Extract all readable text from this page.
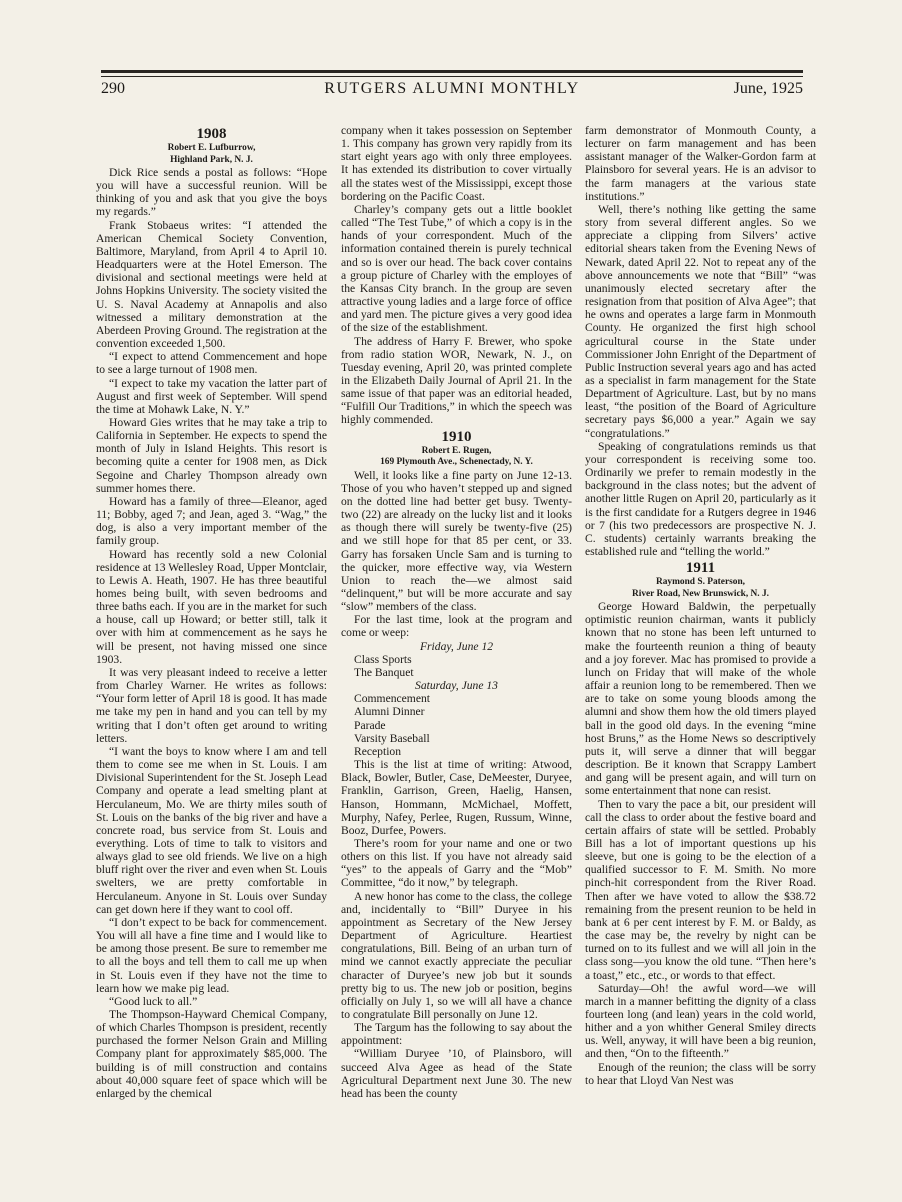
290	RUTGERS ALUMNI MONTHLY	June, 1925
1908
Robert E. Lufburrow,
Highland Park, N. J.

Dick Rice sends a postal as follows: “Hope you will have a successful reunion. Will be thinking of you and ask that you give the boys my regards.”

Frank Stobaeus writes: “I attended the American Chemical Society Convention, Baltimore, Maryland, from April 4 to April 10. Headquarters were at the Hotel Emerson. The divisional and sectional meetings were held at Johns Hopkins University. The society visited the U. S. Naval Academy at Annapolis and also witnessed a military demonstration at the Aberdeen Proving Ground. The registration at the convention exceeded 1,500.

“I expect to attend Commencement and hope to see a large turnout of 1908 men.

“I expect to take my vacation the latter part of August and first week of September. Will spend the time at Mohawk Lake, N. Y.”

Howard Gies writes that he may take a trip to California in September. He expects to spend the month of July in Island Heights. This resort is becoming quite a center for 1908 men, as Dick Segoine and Charley Thompson already own summer homes there.

Howard has a family of three—Eleanor, aged 11; Bobby, aged 7; and Jean, aged 3. “Wag,” the dog, is also a very important member of the family group.

Howard has recently sold a new Colonial residence at 13 Wellesley Road, Upper Montclair, to Lewis A. Heath, 1907. He has three beautiful homes being built, with seven bedrooms and three baths each. If you are in the market for such a house, call up Howard; or better still, talk it over with him at commencement as he says he will be present, not having missed one since 1903.

It was very pleasant indeed to receive a letter from Charley Warner. He writes as follows: “Your form letter of April 18 is good. It has made me take my pen in hand and you can tell by my writing that I don’t often get around to writing letters.

“I want the boys to know where I am and tell them to come see me when in St. Louis. I am Divisional Superintendent for the St. Joseph Lead Company and operate a lead smelting plant at Herculaneum, Mo. We are thirty miles south of St. Louis on the banks of the big river and have a concrete road, bus service from St. Louis and everything. Lots of time to talk to visitors and always glad to see old friends. We live on a high bluff right over the river and even when St. Louis swelters, we are pretty comfortable in Herculaneum. Anyone in St. Louis over Sunday can get down here if they want to cool off.

“I don’t expect to be back for commencement. You will all have a fine time and I would like to be among those present. Be sure to remember me to all the boys and tell them to call me up when in St. Louis even if they have not the time to learn how we make pig lead.

“Good luck to all.”

The Thompson-Hayward Chemical Company, of which Charles Thompson is president, recently purchased the former Nelson Grain and Milling Company plant for approximately $85,000. The building is of mill construction and contains about 40,000 square feet of space which will be enlarged by the chemical

company when it takes possession on September 1. This company has grown very rapidly from its start eight years ago with only three employees. It has extended its distribution to cover virtually all the states west of the Mississippi, except those bordering on the Pacific Coast.

Charley’s company gets out a little booklet called “The Test Tube,” of which a copy is in the hands of your correspondent. Much of the information contained therein is purely technical and so is over our head. The back cover contains a group picture of Charley with the employes of the Kansas City branch. In the group are seven attractive young ladies and a large force of office and yard men. The picture gives a very good idea of the size of the establishment.

The address of Harry F. Brewer, who spoke from radio station WOR, Newark, N. J., on Tuesday evening, April 20, was printed complete in the Elizabeth Daily Journal of April 21. In the same issue of that paper was an editorial headed, “Fulfill Our Traditions,” in which the speech was highly commended.

1910
Robert E. Rugen,
169 Plymouth Ave., Schenectady, N. Y.

Well, it looks like a fine party on June 12-13. Those of you who haven’t stepped up and signed on the dotted line had better get busy. Twenty-two (22) are already on the lucky list and it looks as though there will surely be twenty-five (25) and we still hope for that 85 per cent, or 33. Garry has forsaken Uncle Sam and is turning to the quicker, more effective way, via Western Union to reach the—we almost said “delinquent,” but will be more accurate and say “slow” members of the class.

For the last time, look at the program and come or weep:

Friday, June 12
Class Sports
The Banquet
Saturday, June 13
Commencement
Alumni Dinner
Parade
Varsity Baseball
Reception

This is the list at time of writing: Atwood, Black, Bowler, Butler, Case, DeMeester, Duryee, Franklin, Garrison, Green, Haelig, Hansen, Hanson, Hommann, McMichael, Moffett, Murphy, Nafey, Perlee, Rugen, Russum, Winne, Booz, Durfee, Powers.

There’s room for your name and one or two others on this list. If you have not already said “yes” to the appeals of Garry and the “Mob” Committee, “do it now,” by telegraph.

A new honor has come to the class, the college and, incidentally to “Bill” Duryee in his appointment as Secretary of the New Jersey Department of Agriculture. Heartiest congratulations, Bill. Being of an urban turn of mind we cannot exactly appreciate the peculiar character of Duryee’s new job but it sounds pretty big to us. The new job or position, begins officially on July 1, so we will all have a chance to congratulate Bill personally on June 12.

The Targum has the following to say about the appointment:

“William Duryee ’10, of Plainsboro, will succeed Alva Agee as head of the State Agricultural Department next June 30. The new head has been the county

farm demonstrator of Monmouth County, a lecturer on farm management and has been assistant manager of the Walker-Gordon farm at Plainsboro for several years. He is an advisor to the farm managers at the various state institutions.”

Well, there’s nothing like getting the same story from several different angles. So we appreciate a clipping from Silvers’ active editorial shears taken from the Evening News of Newark, dated April 22. Not to repeat any of the above announcements we note that “Bill” “was unanimously elected secretary after the resignation from that position of Alva Agee”; that he owns and operates a large farm in Monmouth County. He organized the first high school agricultural course in the State under Commissioner John Enright of the Department of Public Instruction several years ago and has acted as a specialist in farm management for the State Department of Agriculture. Last, but by no mans least, “the position of the Board of Agriculture secretary pays $6,000 a year.” Again we say “congratulations.”

Speaking of congratulations reminds us that your correspondent is receiving some too. Ordinarily we prefer to remain modestly in the background in the class notes; but the advent of another little Rugen on April 20, particularly as it is the first candidate for a Rutgers degree in 1946 or 7 (his two predecessors are prospective N. J. C. students) certainly warrants breaking the established rule and “telling the world.”

1911
Raymond S. Paterson,
River Road, New Brunswick, N. J.

George Howard Baldwin, the perpetually optimistic reunion chairman, wants it publicly known that no stone has been left unturned to make the fourteenth reunion a thing of beauty and a joy forever. Mac has promised to provide a lunch on Friday that will make of the whole affair a reunion long to be remembered. Then we are to take on some young bloods among the alumni and show them how the old timers played ball in the good old days. In the evening “mine host Bruns,” as the Home News so descriptively puts it, will serve a dinner that will beggar description. Be it known that Scrappy Lambert and gang will be present again, and will turn on some entertainment that none can resist.

Then to vary the pace a bit, our president will call the class to order about the festive board and certain affairs of state will be settled. Probably Bill has a lot of important questions up his sleeve, but one is going to be the election of a qualified successor to F. M. Smith. No more pinch-hit correspondent from the River Road. Then after we have voted to allow the $38.72 remaining from the present reunion to be held in bank at 6 per cent interest by F. M. or Baldy, as the case may be, the revelry by night can be turned on to its fullest and we will all join in the class song—you know the old tune. “Then here’s a toast,” etc., etc., or words to that effect.

Saturday—Oh! the awful word—we will march in a manner befitting the dignity of a class fourteen long (and lean) years in the cold world, hither and a yon whither General Smiley directs us. Well, anyway, it will have been a big reunion, and then, “On to the fifteenth.”

Enough of the reunion; the class will be sorry to hear that Lloyd Van Nest was
